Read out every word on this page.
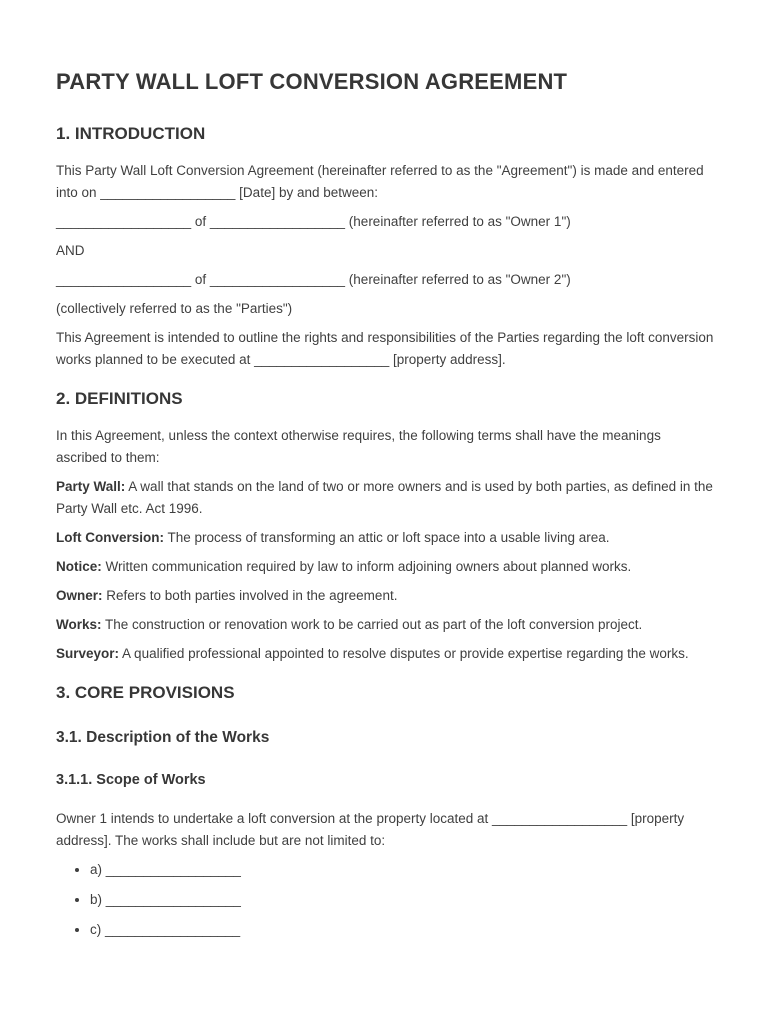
PARTY WALL LOFT CONVERSION AGREEMENT
1. INTRODUCTION

This Party Wall Loft Conversion Agreement (hereinafter referred to as the "Agreement") is made and entered into on __________________ [Date] by and between:

__________________ of __________________ (hereinafter referred to as "Owner 1")

AND

__________________ of __________________ (hereinafter referred to as "Owner 2")

(collectively referred to as the "Parties")

This Agreement is intended to outline the rights and responsibilities of the Parties regarding the loft conversion works planned to be executed at __________________ [property address].

2. DEFINITIONS

In this Agreement, unless the context otherwise requires, the following terms shall have the meanings ascribed to them:

Party Wall: A wall that stands on the land of two or more owners and is used by both parties, as defined in the Party Wall etc. Act 1996.

Loft Conversion: The process of transforming an attic or loft space into a usable living area.

Notice: Written communication required by law to inform adjoining owners about planned works.

Owner: Refers to both parties involved in the agreement.

Works: The construction or renovation work to be carried out as part of the loft conversion project.

Surveyor: A qualified professional appointed to resolve disputes or provide expertise regarding the works.

3. CORE PROVISIONS
3.1. Description of the Works
3.1.1. Scope of Works

Owner 1 intends to undertake a loft conversion at the property located at __________________ [property address]. The works shall include but are not limited to:

• a) __________________
• b) __________________
• c) __________________
